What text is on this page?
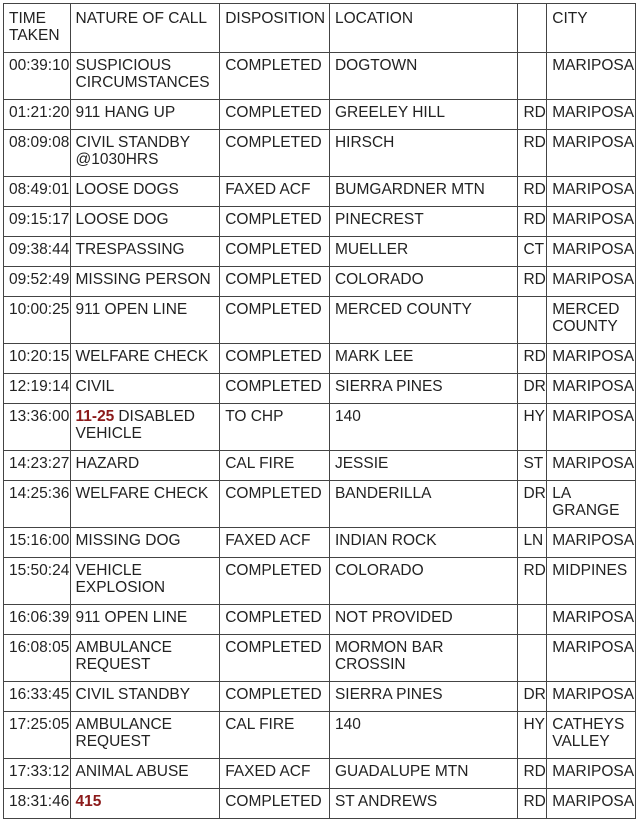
TIME TAKEN	NATURE OF CALL	DISPOSITION	LOCATION		CITY
00:39:10	SUSPICIOUS CIRCUMSTANCES	COMPLETED	DOGTOWN		MARIPOSA
01:21:20	911 HANG UP	COMPLETED	GREELEY HILL	RD	MARIPOSA
08:09:08	CIVIL STANDBY @1030HRS	COMPLETED	HIRSCH	RD	MARIPOSA
08:49:01	LOOSE DOGS	FAXED ACF	BUMGARDNER MTN	RD	MARIPOSA
09:15:17	LOOSE DOG	COMPLETED	PINECREST	RD	MARIPOSA
09:38:44	TRESPASSING	COMPLETED	MUELLER	CT	MARIPOSA
09:52:49	MISSING PERSON	COMPLETED	COLORADO	RD	MARIPOSA
10:00:25	911 OPEN LINE	COMPLETED	MERCED COUNTY		MERCED COUNTY
10:20:15	WELFARE CHECK	COMPLETED	MARK LEE	RD	MARIPOSA
12:19:14	CIVIL	COMPLETED	SIERRA PINES	DR	MARIPOSA
13:36:00	11-25 DISABLED VEHICLE	TO CHP	140	HY	MARIPOSA
14:23:27	HAZARD	CAL FIRE	JESSIE	ST	MARIPOSA
14:25:36	WELFARE CHECK	COMPLETED	BANDERILLA	DR	LA GRANGE
15:16:00	MISSING DOG	FAXED ACF	INDIAN ROCK	LN	MARIPOSA
15:50:24	VEHICLE EXPLOSION	COMPLETED	COLORADO	RD	MIDPINES
16:06:39	911 OPEN LINE	COMPLETED	NOT PROVIDED		MARIPOSA
16:08:05	AMBULANCE REQUEST	COMPLETED	MORMON BAR CROSSIN		MARIPOSA
16:33:45	CIVIL STANDBY	COMPLETED	SIERRA PINES	DR	MARIPOSA
17:25:05	AMBULANCE REQUEST	CAL FIRE	140	HY	CATHEYS VALLEY
17:33:12	ANIMAL ABUSE	FAXED ACF	GUADALUPE MTN	RD	MARIPOSA
18:31:46	415	COMPLETED	ST ANDREWS	RD	MARIPOSA
